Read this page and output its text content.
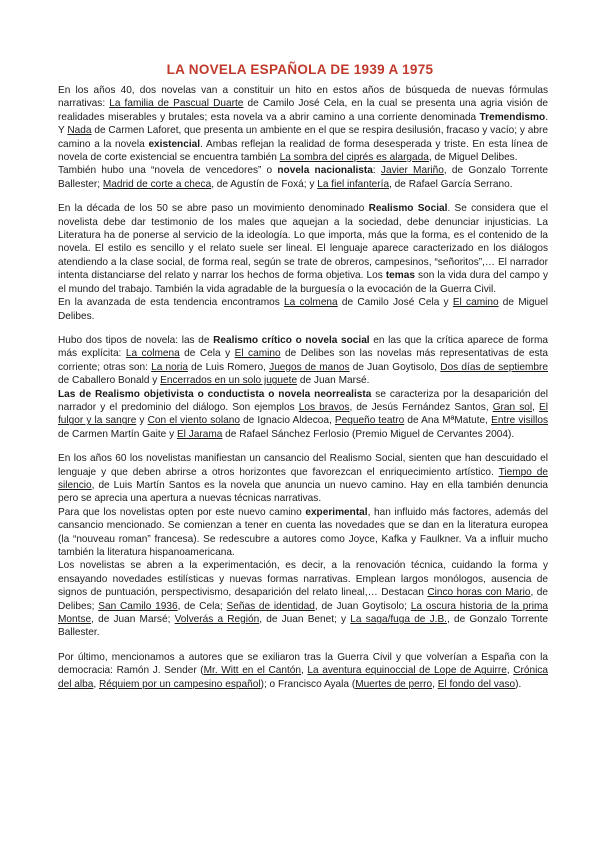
LA NOVELA ESPAÑOLA DE 1939 A 1975

En los años 40, dos novelas van a constituir un hito en estos años de búsqueda de nuevas fórmulas narrativas: La familia de Pascual Duarte de Camilo José Cela, en la cual se presenta una agria visión de realidades miserables y brutales; esta novela va a abrir camino a una corriente denominada Tremendismo. Y Nada de Carmen Laforet, que presenta un ambiente en el que se respira desilusión, fracaso y vacío; y abre camino a la novela existencial. Ambas reflejan la realidad de forma desesperada y triste. En esta línea de novela de corte existencial se encuentra también La sombra del ciprés es alargada, de Miguel Delibes.

También hubo una “novela de vencedores” o novela nacionalista: Javier Mariño, de Gonzalo Torrente Ballester; Madrid de corte a checa, de Agustín de Foxá; y La fiel infantería, de Rafael García Serrano.

En la década de los 50 se abre paso un movimiento denominado Realismo Social. Se considera que el novelista debe dar testimonio de los males que aquejan a la sociedad, debe denunciar injusticias. La Literatura ha de ponerse al servicio de la ideología. Lo que importa, más que la forma, es el contenido de la novela. El estilo es sencillo y el relato suele ser lineal. El lenguaje aparece caracterizado en los diálogos atendiendo a la clase social, de forma real, según se trate de obreros, campesinos, “señoritos”,… El narrador intenta distanciarse del relato y narrar los hechos de forma objetiva. Los temas son la vida dura del campo y el mundo del trabajo. También la vida agradable de la burguesía o la evocación de la Guerra Civil.

En la avanzada de esta tendencia encontramos La colmena de Camilo José Cela y El camino de Miguel Delibes.

Hubo dos tipos de novela: las de Realismo crítico o novela social en las que la crítica aparece de forma más explícita: La colmena de Cela y El camino de Delibes son las novelas más representativas de esta corriente; otras son: La noria de Luis Romero, Juegos de manos de Juan Goytisolo, Dos días de septiembre de Caballero Bonald y Encerrados en un solo juguete de Juan Marsé.

Las de Realismo objetivista o conductista o novela neorrealista se caracteriza por la desaparición del narrador y el predominio del diálogo. Son ejemplos Los bravos, de Jesús Fernández Santos, Gran sol, El fulgor y la sangre y Con el viento solano de Ignacio Aldecoa, Pequeño teatro de Ana MªMatute, Entre visillos de Carmen Martín Gaite y El Jarama de Rafael Sánchez Ferlosio (Premio Miguel de Cervantes 2004).

En los años 60 los novelistas manifiestan un cansancio del Realismo Social, sienten que han descuidado el lenguaje y que deben abrirse a otros horizontes que favorezcan el enriquecimiento artístico. Tiempo de silencio, de Luis Martín Santos es la novela que anuncia un nuevo camino. Hay en ella también denuncia pero se aprecia una apertura a nuevas técnicas narrativas.

Para que los novelistas opten por este nuevo camino experimental, han influido más factores, además del cansancio mencionado. Se comienzan a tener en cuenta las novedades que se dan en la literatura europea (la “nouveau roman” francesa). Se redescubre a autores como Joyce, Kafka y Faulkner. Va a influir mucho también la literatura hispanoamericana.

Los novelistas se abren a la experimentación, es decir, a la renovación técnica, cuidando la forma y ensayando novedades estilísticas y nuevas formas narrativas. Emplean largos monólogos, ausencia de signos de puntuación, perspectivismo, desaparición del relato lineal,… Destacan Cinco horas con Mario, de Delibes; San Camilo 1936, de Cela; Señas de identidad, de Juan Goytisolo; La oscura historia de la prima Montse, de Juan Marsé; Volverás a Región, de Juan Benet; y La saga/fuga de J.B., de Gonzalo Torrente Ballester.

Por último, mencionamos a autores que se exiliaron tras la Guerra Civil y que volverían a España con la democracia: Ramón J. Sender (Mr. Witt en el Cantón, La aventura equinoccial de Lope de Aguirre, Crónica del alba, Réquiem por un campesino español); o Francisco Ayala (Muertes de perro, El fondo del vaso).
